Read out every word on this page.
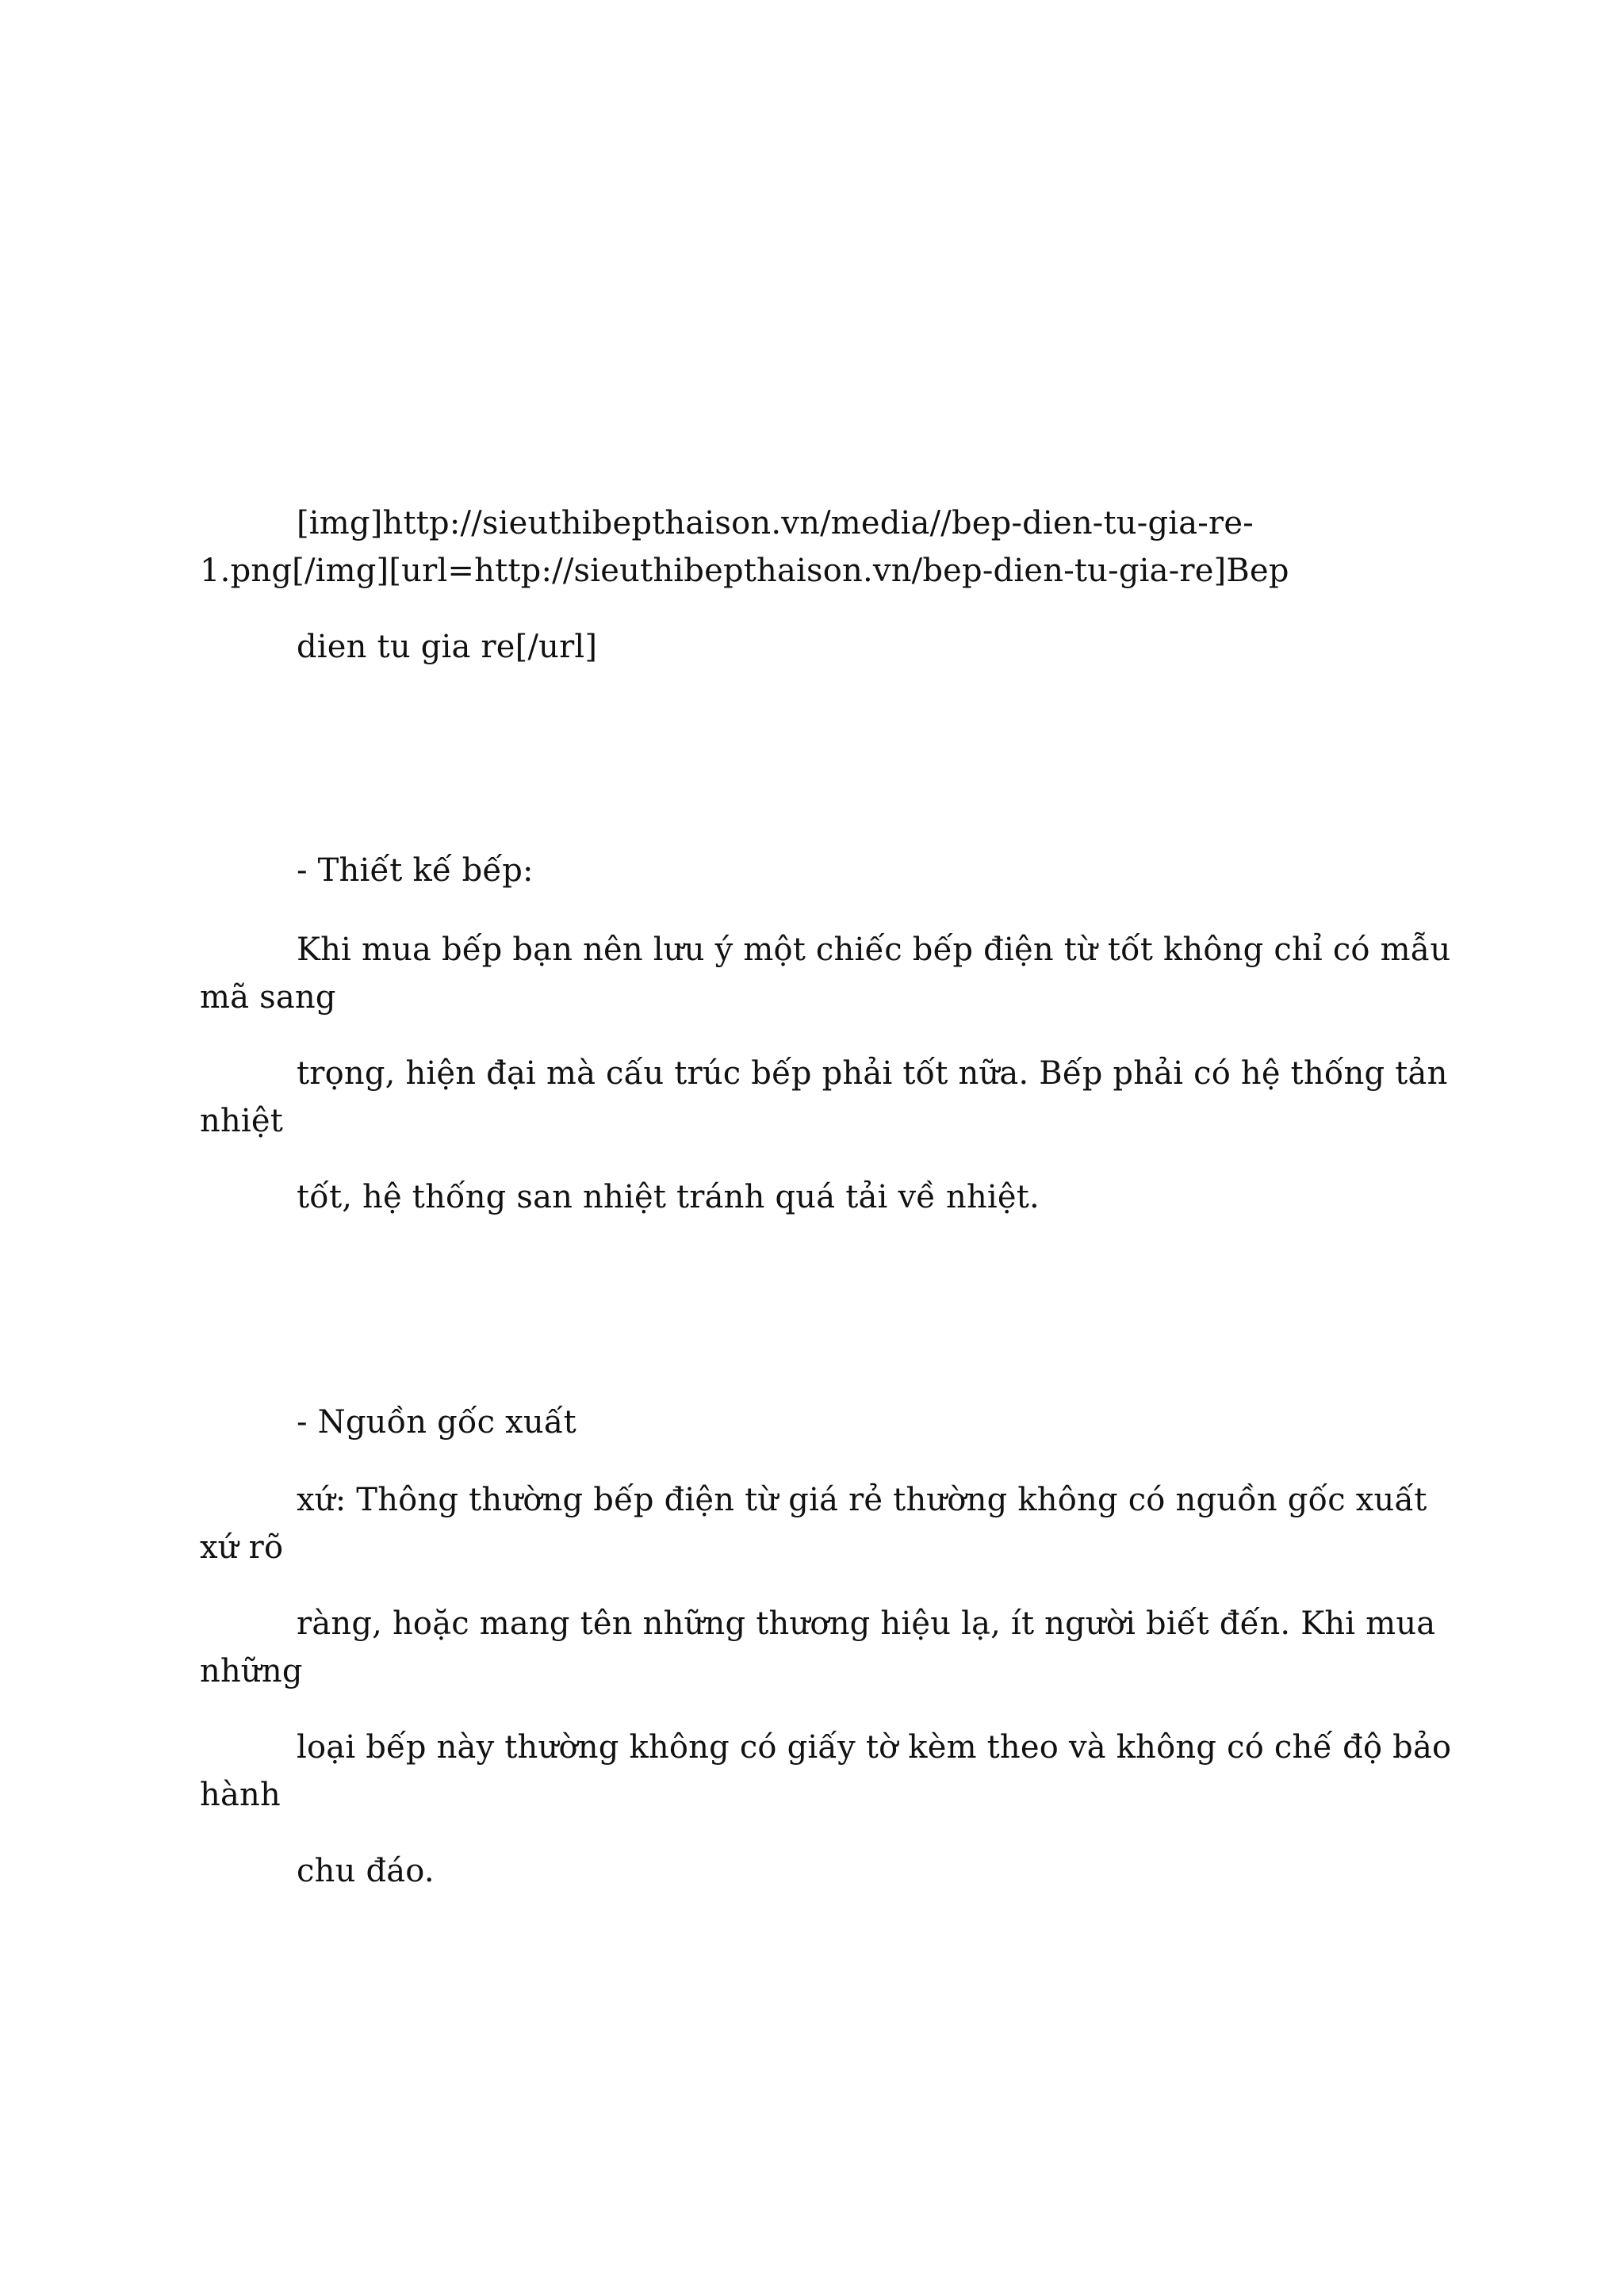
[img]http://sieuthibepthaison.vn/media//bep-dien-tu-gia-re-
1.png[/img][url=http://sieuthibepthaison.vn/bep-dien-tu-gia-re]Bep
dien tu gia re[/url]
- Thiết kế bếp:
Khi mua bếp bạn nên lưu ý một chiếc bếp điện từ tốt không chỉ có mẫu
mã sang
trọng, hiện đại mà cấu trúc bếp phải tốt nữa. Bếp phải có hệ thống tản
nhiệt
tốt, hệ thống san nhiệt tránh quá tải về nhiệt.
- Nguồn gốc xuất
xứ: Thông thường bếp điện từ giá rẻ thường không có nguồn gốc xuất
xứ rõ
ràng, hoặc mang tên những thương hiệu lạ, ít người biết đến. Khi mua
những
loại bếp này thường không có giấy tờ kèm theo và không có chế độ bảo
hành
chu đáo.
